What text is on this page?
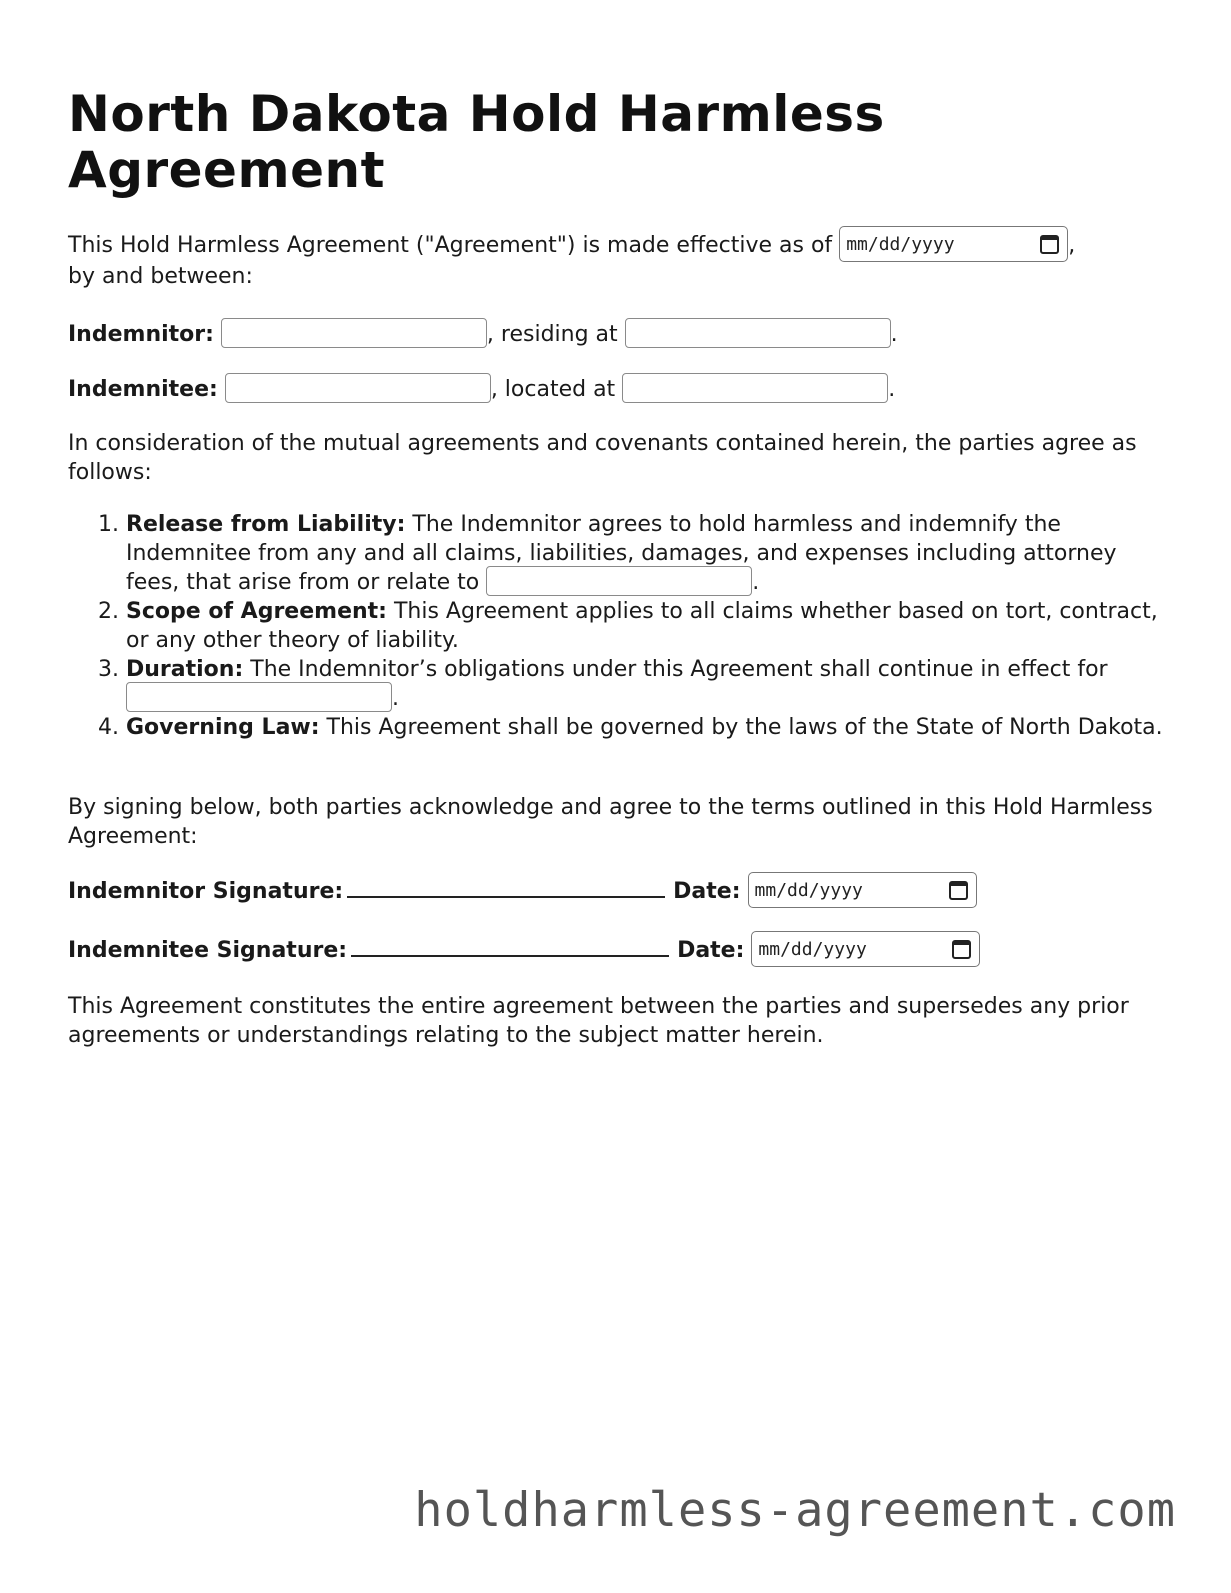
North Dakota Hold Harmless Agreement
This Hold Harmless Agreement ("Agreement") is made effective as of mm/dd/yyyy	,
by and between:
Indemnitor:	, residing at	.
Indemnitee:	, located at	.
In consideration of the mutual agreements and covenants contained herein, the parties agree as follows:
1. Release from Liability: The Indemnitor agrees to hold harmless and indemnify the Indemnitee from any and all claims, liabilities, damages, and expenses including attorney fees, that arise from or relate to	.
2. Scope of Agreement: This Agreement applies to all claims whether based on tort, contract, or any other theory of liability.
3. Duration: The Indemnitor’s obligations under this Agreement shall continue in effect for .
4. Governing Law: This Agreement shall be governed by the laws of the State of North Dakota.
By signing below, both parties acknowledge and agree to the terms outlined in this Hold Harmless Agreement:
Indemnitor Signature:	Date: mm/dd/yyyy
Indemnitee Signature:	Date: mm/dd/yyyy
This Agreement constitutes the entire agreement between the parties and supersedes any prior agreements or understandings relating to the subject matter herein.
holdharmless-agreement.com
